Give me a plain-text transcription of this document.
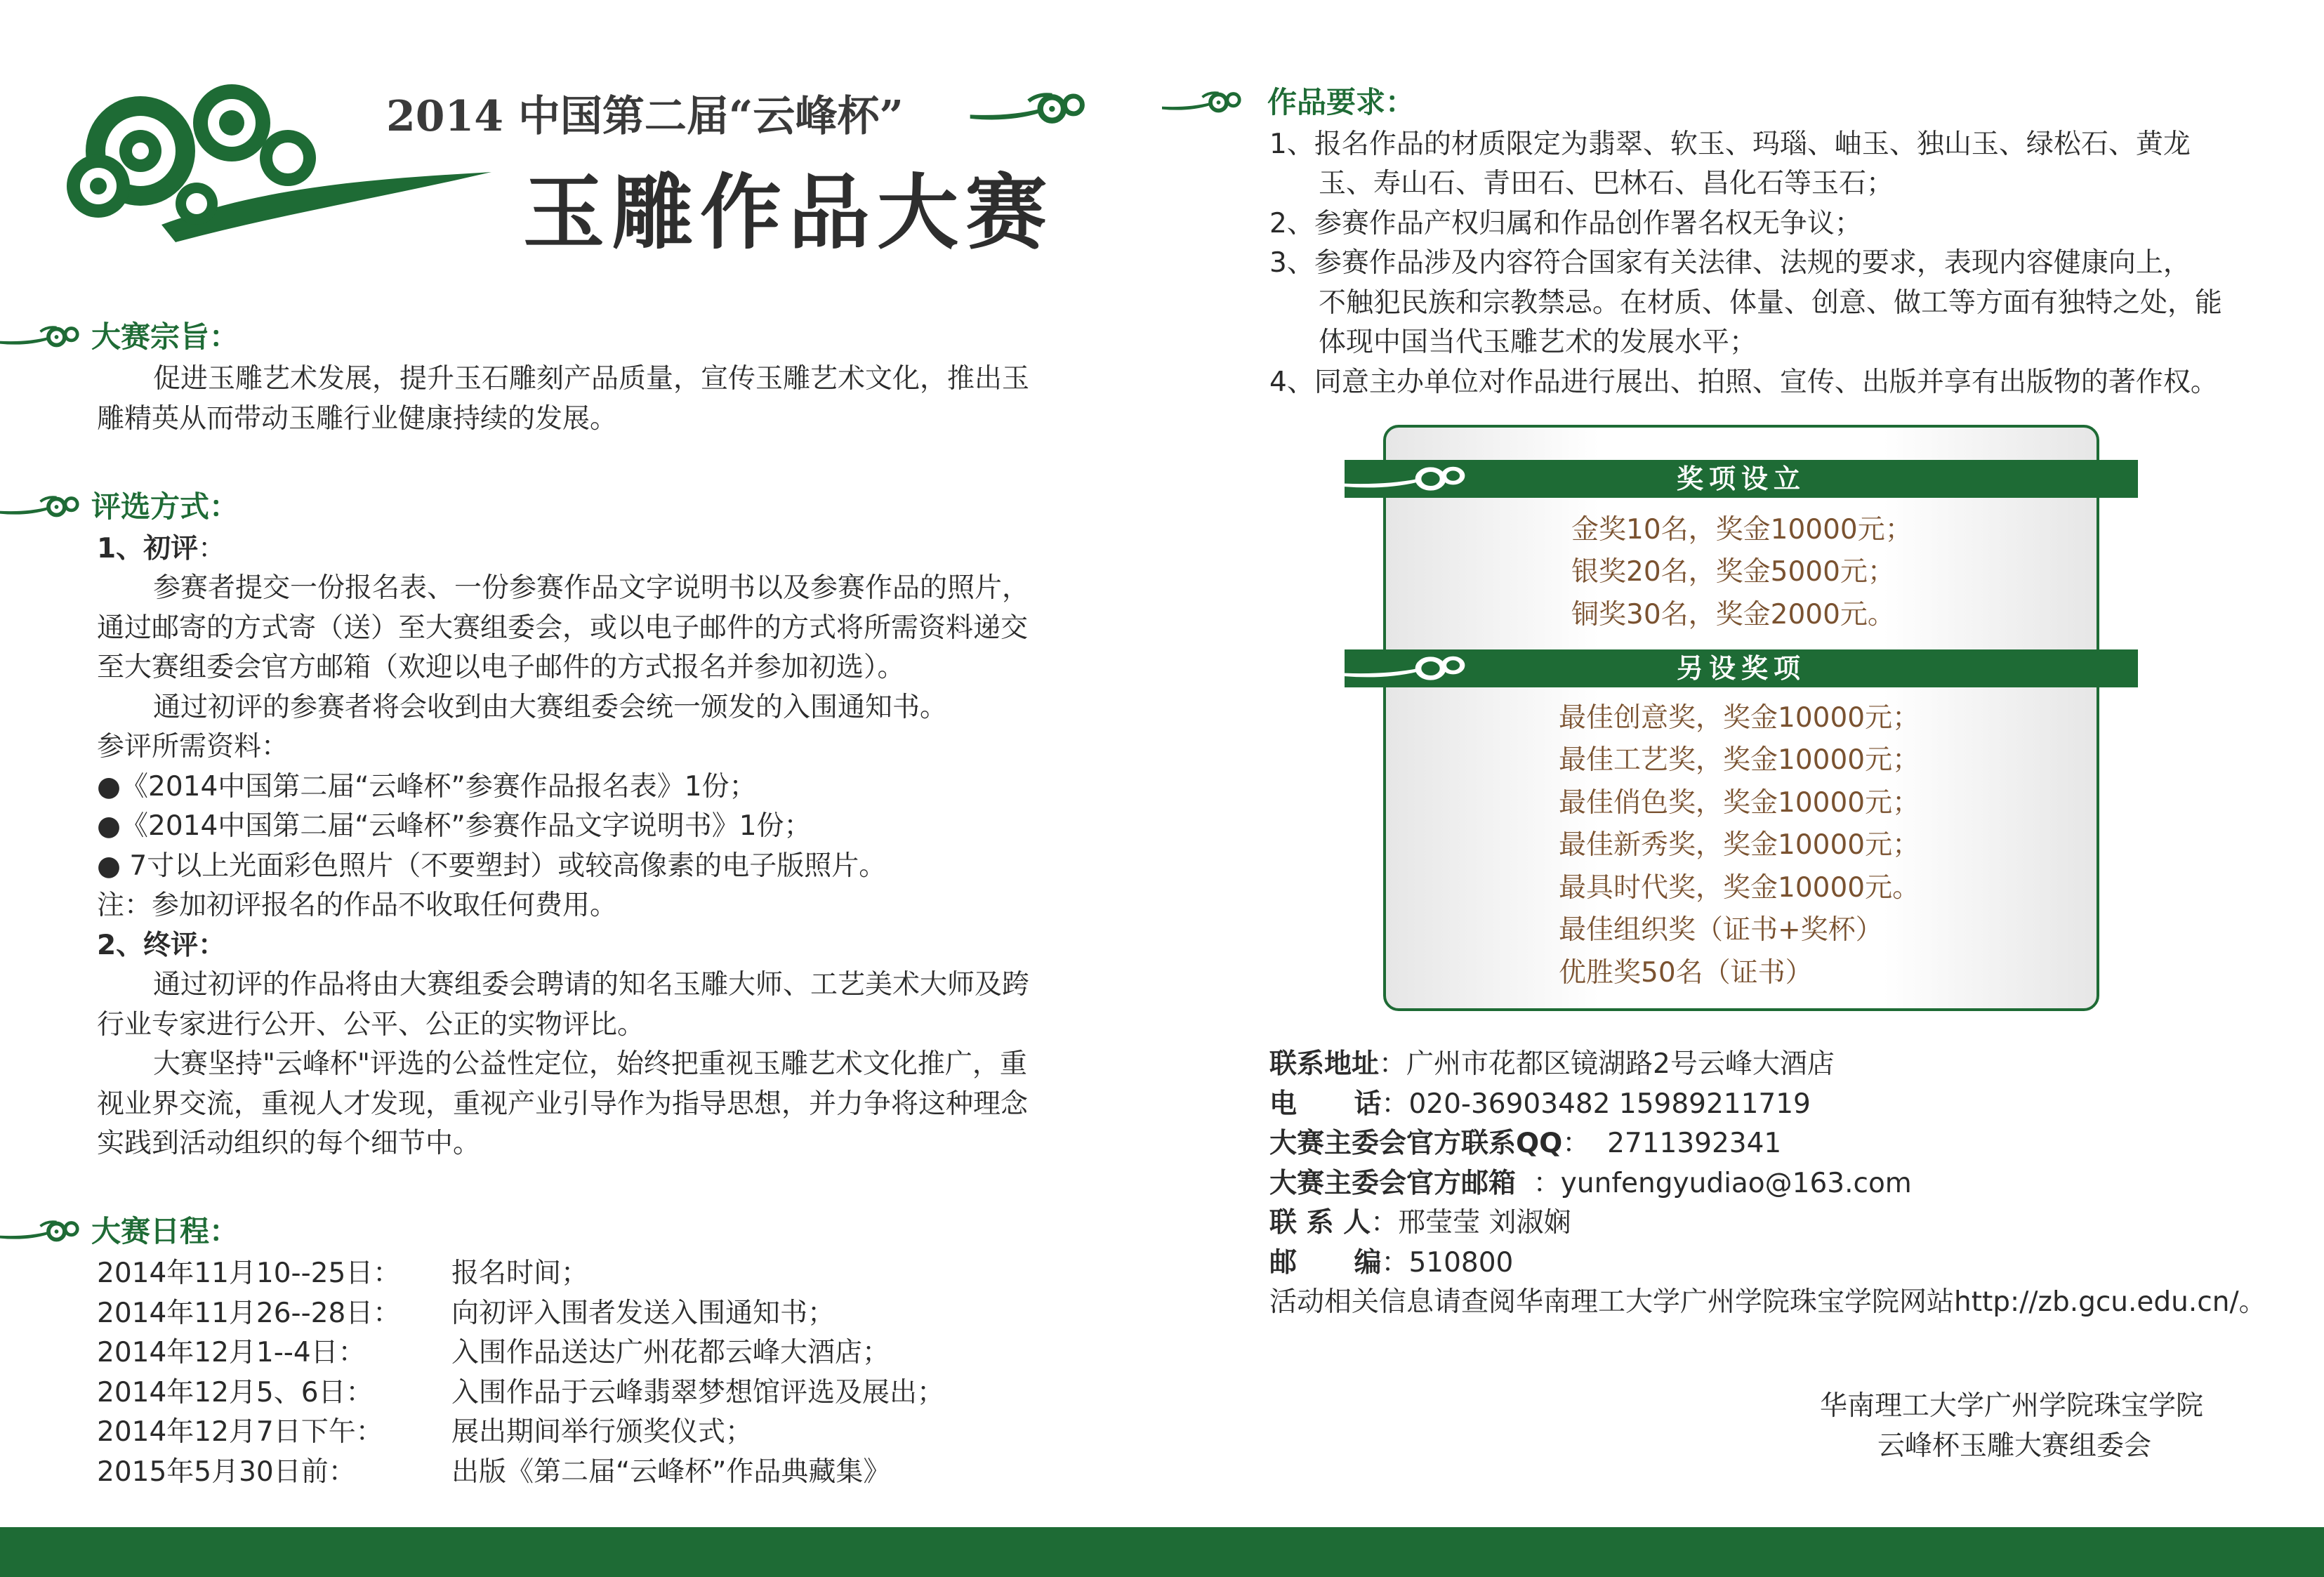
2014 中国第二届“云峰杯”
玉雕作品大赛
大赛宗旨：
促进玉雕艺术发展，提升玉石雕刻产品质量，宣传玉雕艺术文化，推出玉
雕精英从而带动玉雕行业健康持续的发展。
评选方式：
1、初评：
参赛者提交一份报名表、一份参赛作品文字说明书以及参赛作品的照片，
通过邮寄的方式寄（送）至大赛组委会，或以电子邮件的方式将所需资料递交
至大赛组委会官方邮箱（欢迎以电子邮件的方式报名并参加初选）。
通过初评的参赛者将会收到由大赛组委会统一颁发的入围通知书。
参评所需资料：
●《2014中国第二届“云峰杯”参赛作品报名表》1份；
●《2014中国第二届“云峰杯”参赛作品文字说明书》1份；
● 7寸以上光面彩色照片（不要塑封）或较高像素的电子版照片。
注：参加初评报名的作品不收取任何费用。
2、终评：
通过初评的作品将由大赛组委会聘请的知名玉雕大师、工艺美术大师及跨
行业专家进行公开、公平、公正的实物评比。
大赛坚持"云峰杯"评选的公益性定位，始终把重视玉雕艺术文化推广，重
视业界交流，重视人才发现，重视产业引导作为指导思想，并力争将这种理念
实践到活动组织的每个细节中。
大赛日程：
2014年11月10--25日： 报名时间；
2014年11月26--28日： 向初评入围者发送入围通知书；
2014年12月1--4日：	入围作品送达广州花都云峰大酒店；
2014年12月5、6日：	入围作品于云峰翡翠梦想馆评选及展出；
2014年12月7日下午： 展出期间举行颁奖仪式；
2015年5月30日前：	出版《第二届“云峰杯”作品典藏集》
作品要求：
1、报名作品的材质限定为翡翠、软玉、玛瑙、岫玉、独山玉、绿松石、黄龙
玉、寿山石、青田石、巴林石、昌化石等玉石；
2、参赛作品产权归属和作品创作署名权无争议；
3、参赛作品涉及内容符合国家有关法律、法规的要求，表现内容健康向上，
不触犯民族和宗教禁忌。在材质、体量、创意、做工等方面有独特之处，能
体现中国当代玉雕艺术的发展水平；
4、同意主办单位对作品进行展出、拍照、宣传、出版并享有出版物的著作权。
奖项设立
金奖10名，奖金10000元；
银奖20名，奖金5000元；
铜奖30名，奖金2000元。
另设奖项
最佳创意奖，奖金10000元；
最佳工艺奖，奖金10000元；
最佳俏色奖，奖金10000元；
最佳新秀奖，奖金10000元；
最具时代奖，奖金10000元。
最佳组织奖（证书+奖杯）
优胜奖50名（证书）
联系地址：广州市花都区镜湖路2号云峰大酒店
电      话：020-36903482 15989211719
大赛主委会官方联系QQ：  2711392341
大赛主委会官方邮箱  ：yunfengyudiao@163.com
联 系 人：邢莹莹 刘淑娴
邮      编：510800
活动相关信息请查阅华南理工大学广州学院珠宝学院网站http://zb.gcu.edu.cn/。
华南理工大学广州学院珠宝学院
云峰杯玉雕大赛组委会
